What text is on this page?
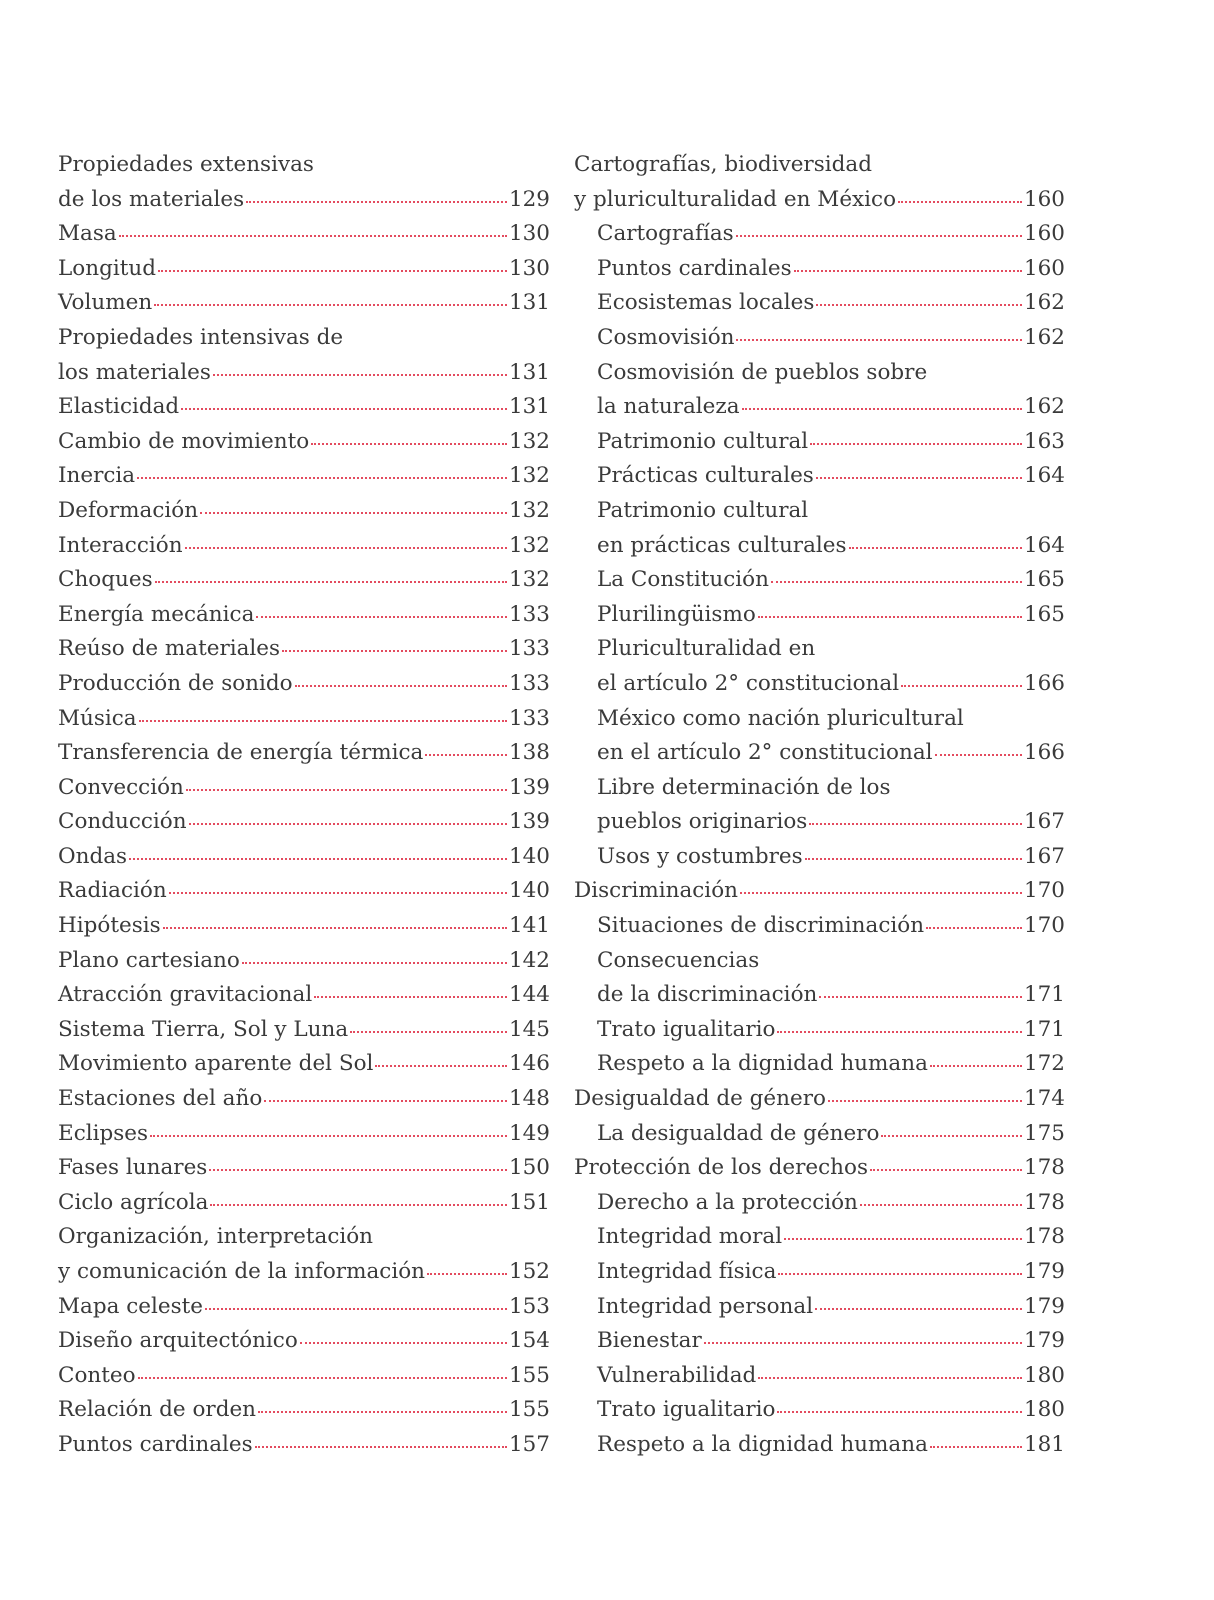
Propiedades extensivas
de los materiales	129
Masa	130
Longitud	130
Volumen	131
Propiedades intensivas de
los materiales	131
Elasticidad	131
Cambio de movimiento	132
Inercia	132
Deformación	132
Interacción	132
Choques	132
Energía mecánica	133
Reúso de materiales	133
Producción de sonido	133
Música	133
Transferencia de energía térmica	138
Convección	139
Conducción	139
Ondas	140
Radiación	140
Hipótesis	141
Plano cartesiano	142
Atracción gravitacional	144
Sistema Tierra, Sol y Luna	145
Movimiento aparente del Sol	146
Estaciones del año	148
Eclipses	149
Fases lunares	150
Ciclo agrícola	151
Organización, interpretación
y comunicación de la información	152
Mapa celeste	153
Diseño arquitectónico	154
Conteo	155
Relación de orden	155
Puntos cardinales	157
Cartografías, biodiversidad
y pluriculturalidad en México	160
Cartografías	160
Puntos cardinales	160
Ecosistemas locales	162
Cosmovisión	162
Cosmovisión de pueblos sobre
la naturaleza	162
Patrimonio cultural	163
Prácticas culturales	164
Patrimonio cultural
en prácticas culturales	164
La Constitución	165
Plurilingüismo	165
Pluriculturalidad en
el artículo 2° constitucional	166
México como nación pluricultural
en el artículo 2° constitucional	166
Libre determinación de los
pueblos originarios	167
Usos y costumbres	167
Discriminación	170
Situaciones de discriminación	170
Consecuencias
de la discriminación	171
Trato igualitario	171
Respeto a la dignidad humana	172
Desigualdad de género	174
La desigualdad de género	175
Protección de los derechos	178
Derecho a la protección	178
Integridad moral	178
Integridad física	179
Integridad personal	179
Bienestar	179
Vulnerabilidad	180
Trato igualitario	180
Respeto a la dignidad humana	181
